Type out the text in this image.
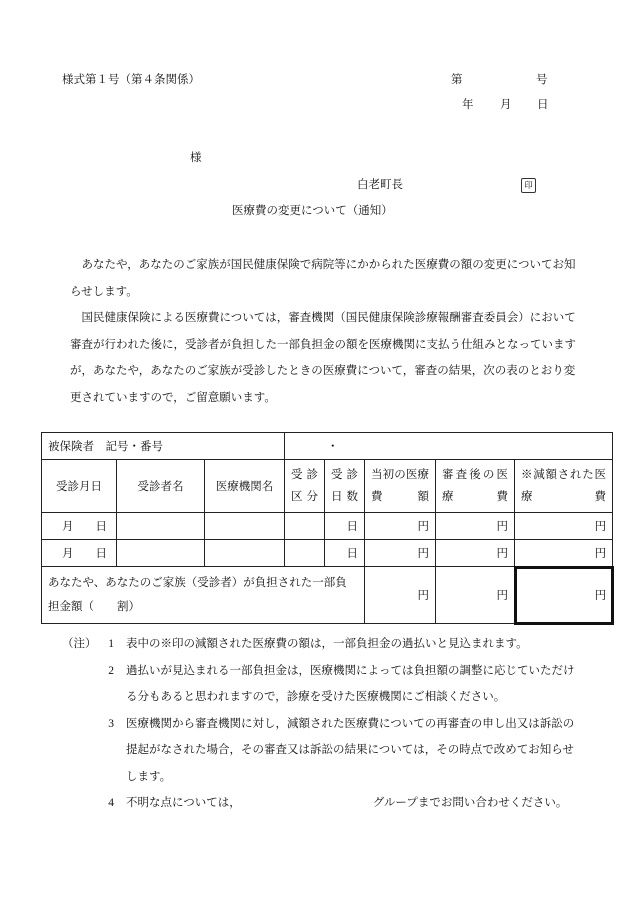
様式第１号（第４条関係）	第	号
年 月 日
様
白老町長	印
医療費の変更について（通知）

あなたや，あなたのご家族が国民健康保険で病院等にかかられた医療費の額の変更についてお知らせします。

国民健康保険による医療費については，審査機関（国民健康保険診療報酬審査委員会）において審査が行われた後に，受診者が負担した一部負担金の額を医療機関に支払う仕組みとなっていますが，あなたや，あなたのご家族が受診したときの医療費について，審査の結果，次の表のとおり変更されていますので，ご留意願います。

被保険者　記号・番号			・				
受診月日	受診者名	医療機関名	受診区分	受診日数	当初の医療費額	審査後の医療費	※減額された医療費
月 日				日	円	円	円
月 日				日	円	円	円

あなたや、あなたのご家族（受診者）が負担された一部負
担金額（　　割）					円	円	円
（注）	1	表中の※印の減額された医療費の額は，一部負担金の過払いと見込まれます。
2	過払いが見込まれる一部負担金は，医療機関によっては負担額の調整に応じていただける分もあると思われますので，診療を受けた医療機関にご相談ください。
3	医療機関から審査機関に対し，減額された医療費についての再審査の申し出又は訴訟の提起がなされた場合，その審査又は訴訟の結果については，その時点で改めてお知らせします。
4	不明な点については，	グループまでお問い合わせください。
